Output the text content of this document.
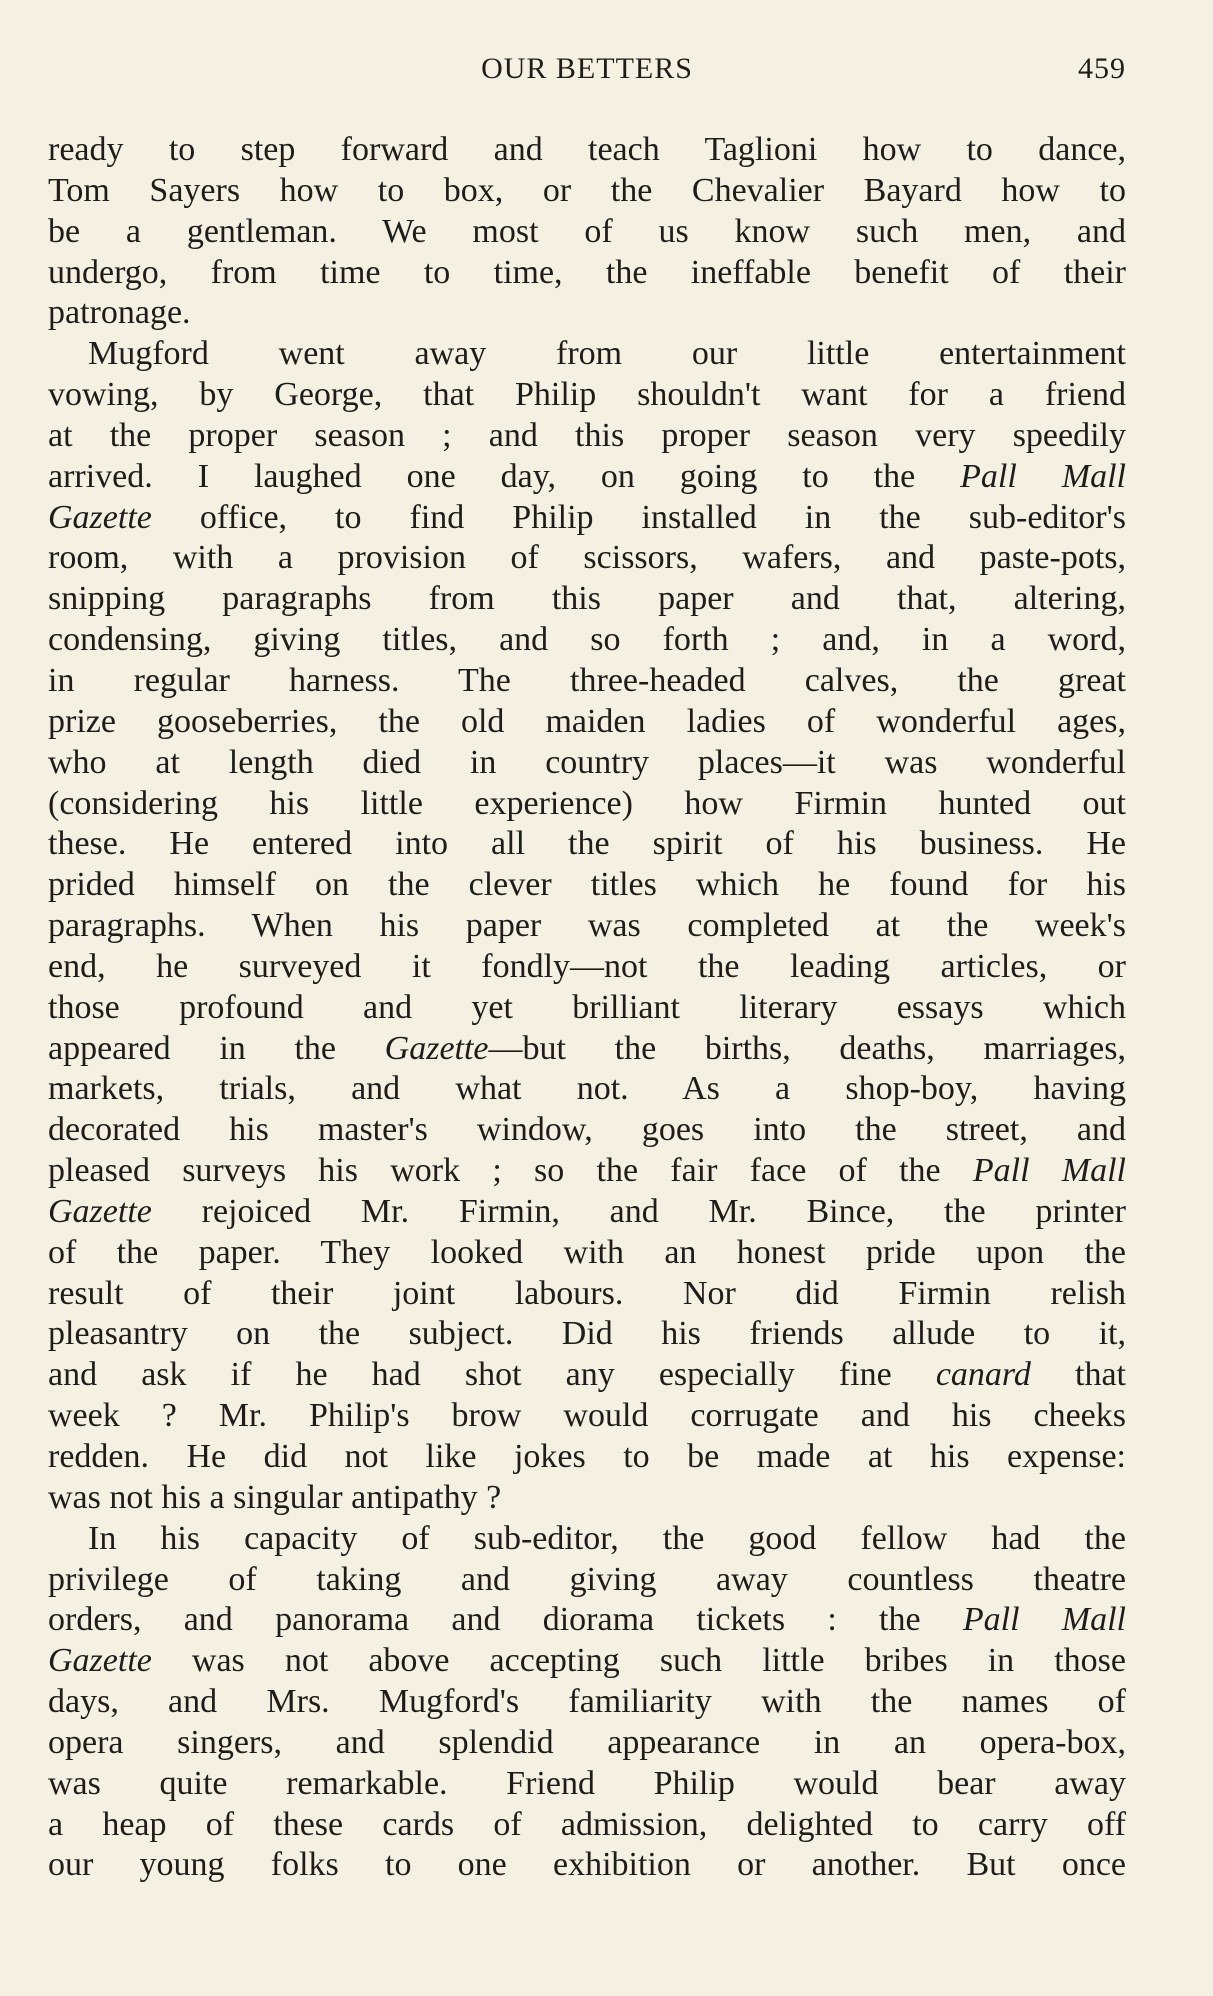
OUR BETTERS	459
ready to step forward and teach Taglioni how to dance,
Tom Sayers how to box, or the Chevalier Bayard how to
be a gentleman. We most of us know such men, and
undergo, from time to time, the ineffable benefit of their
patronage.
Mugford went away from our little entertainment
vowing, by George, that Philip shouldn't want for a friend
at the proper season ; and this proper season very speedily
arrived. I laughed one day, on going to the Pall Mall
Gazette office, to find Philip installed in the sub-editor's
room, with a provision of scissors, wafers, and paste-pots,
snipping paragraphs from this paper and that, altering,
condensing, giving titles, and so forth ; and, in a word,
in regular harness. The three-headed calves, the great
prize gooseberries, the old maiden ladies of wonderful ages,
who at length died in country places—it was wonderful
(considering his little experience) how Firmin hunted out
these. He entered into all the spirit of his business. He
prided himself on the clever titles which he found for his
paragraphs. When his paper was completed at the week's
end, he surveyed it fondly—not the leading articles, or
those profound and yet brilliant literary essays which
appeared in the Gazette—but the births, deaths, marriages,
markets, trials, and what not. As a shop-boy, having
decorated his master's window, goes into the street, and
pleased surveys his work ; so the fair face of the Pall Mall
Gazette rejoiced Mr. Firmin, and Mr. Bince, the printer
of the paper. They looked with an honest pride upon the
result of their joint labours. Nor did Firmin relish
pleasantry on the subject. Did his friends allude to it,
and ask if he had shot any especially fine canard that
week ? Mr. Philip's brow would corrugate and his cheeks
redden. He did not like jokes to be made at his expense:
was not his a singular antipathy ?
In his capacity of sub-editor, the good fellow had the
privilege of taking and giving away countless theatre
orders, and panorama and diorama tickets : the Pall Mall
Gazette was not above accepting such little bribes in those
days, and Mrs. Mugford's familiarity with the names of
opera singers, and splendid appearance in an opera-box,
was quite remarkable. Friend Philip would bear away
a heap of these cards of admission, delighted to carry off
our young folks to one exhibition or another. But once
